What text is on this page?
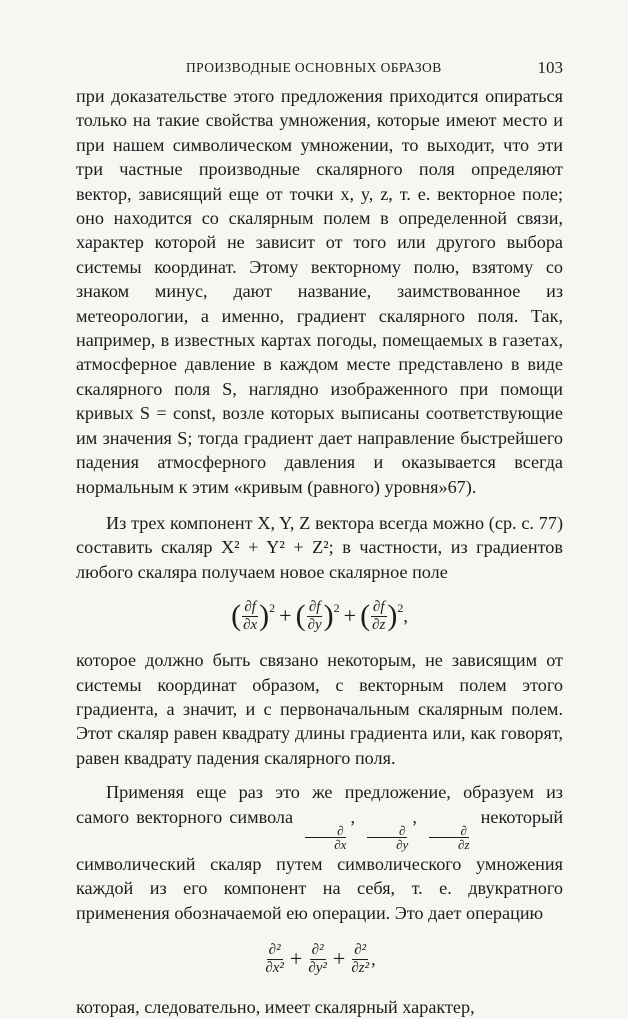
ПРОИЗВОДНЫЕ ОСНОВНЫХ ОБРАЗОВ	103

при доказательстве этого предложения приходится опираться только на такие свойства умножения, которые имеют место и при нашем символическом умножении, то выходит, что эти три частные производные скалярного поля определяют вектор, зависящий еще от точки x, y, z, т. е. векторное поле; оно находится со скалярным полем в определенной связи, характер которой не зависит от того или другого выбора системы координат. Этому векторному полю, взятому со знаком минус, дают название, заимствованное из метеорологии, а именно, градиент скалярного поля. Так, например, в известных картах погоды, помещаемых в газетах, атмосферное давление в каждом месте представлено в виде скалярного поля S, наглядно изображенного при помощи кривых S = const, возле которых выписаны соответствующие им значения S; тогда градиент дает направление быстрейшего падения атмосферного давления и оказывается всегда нормальным к этим «кривым (равного) уровня»67).

Из трех компонент X, Y, Z вектора всегда можно (ср. с. 77) составить скаляр X² + Y² + Z²; в частности, из градиентов любого скаляра получаем новое скалярное поле

( $\frac{\partial f}{\partial x}$ ) 2 + ( $\frac{\partial f}{\partial y}$ ) 2 + ( $\frac{\partial f}{\partial z}$ ) 2 ,

которое должно быть связано некоторым, не зависящим от системы координат образом, с векторным полем этого градиента, а значит, и с первоначальным скалярным полем. Этот скаляр равен квадрату длины градиента или, как говорят, равен квадрату падения скалярного поля.

Применяя еще раз это же предложение, образуем из самого векторного символа
$\frac{\partial}{\partial x}$
,
$\frac{\partial}{\partial y}$
,
$\frac{\partial}{\partial z}$
некоторый символический скаляр путем символического умножения каждой из его компонент на себя, т. е. двукратного применения обозначаемой ею операции. Это дает операцию

$\frac{\text{∂²}}{\text{∂x²}} + \frac{\text{∂²}}{\text{∂y²}} + \frac{\text{∂²}}{\text{∂z²}}$ ,

которая, следовательно, имеет скалярный характер,
